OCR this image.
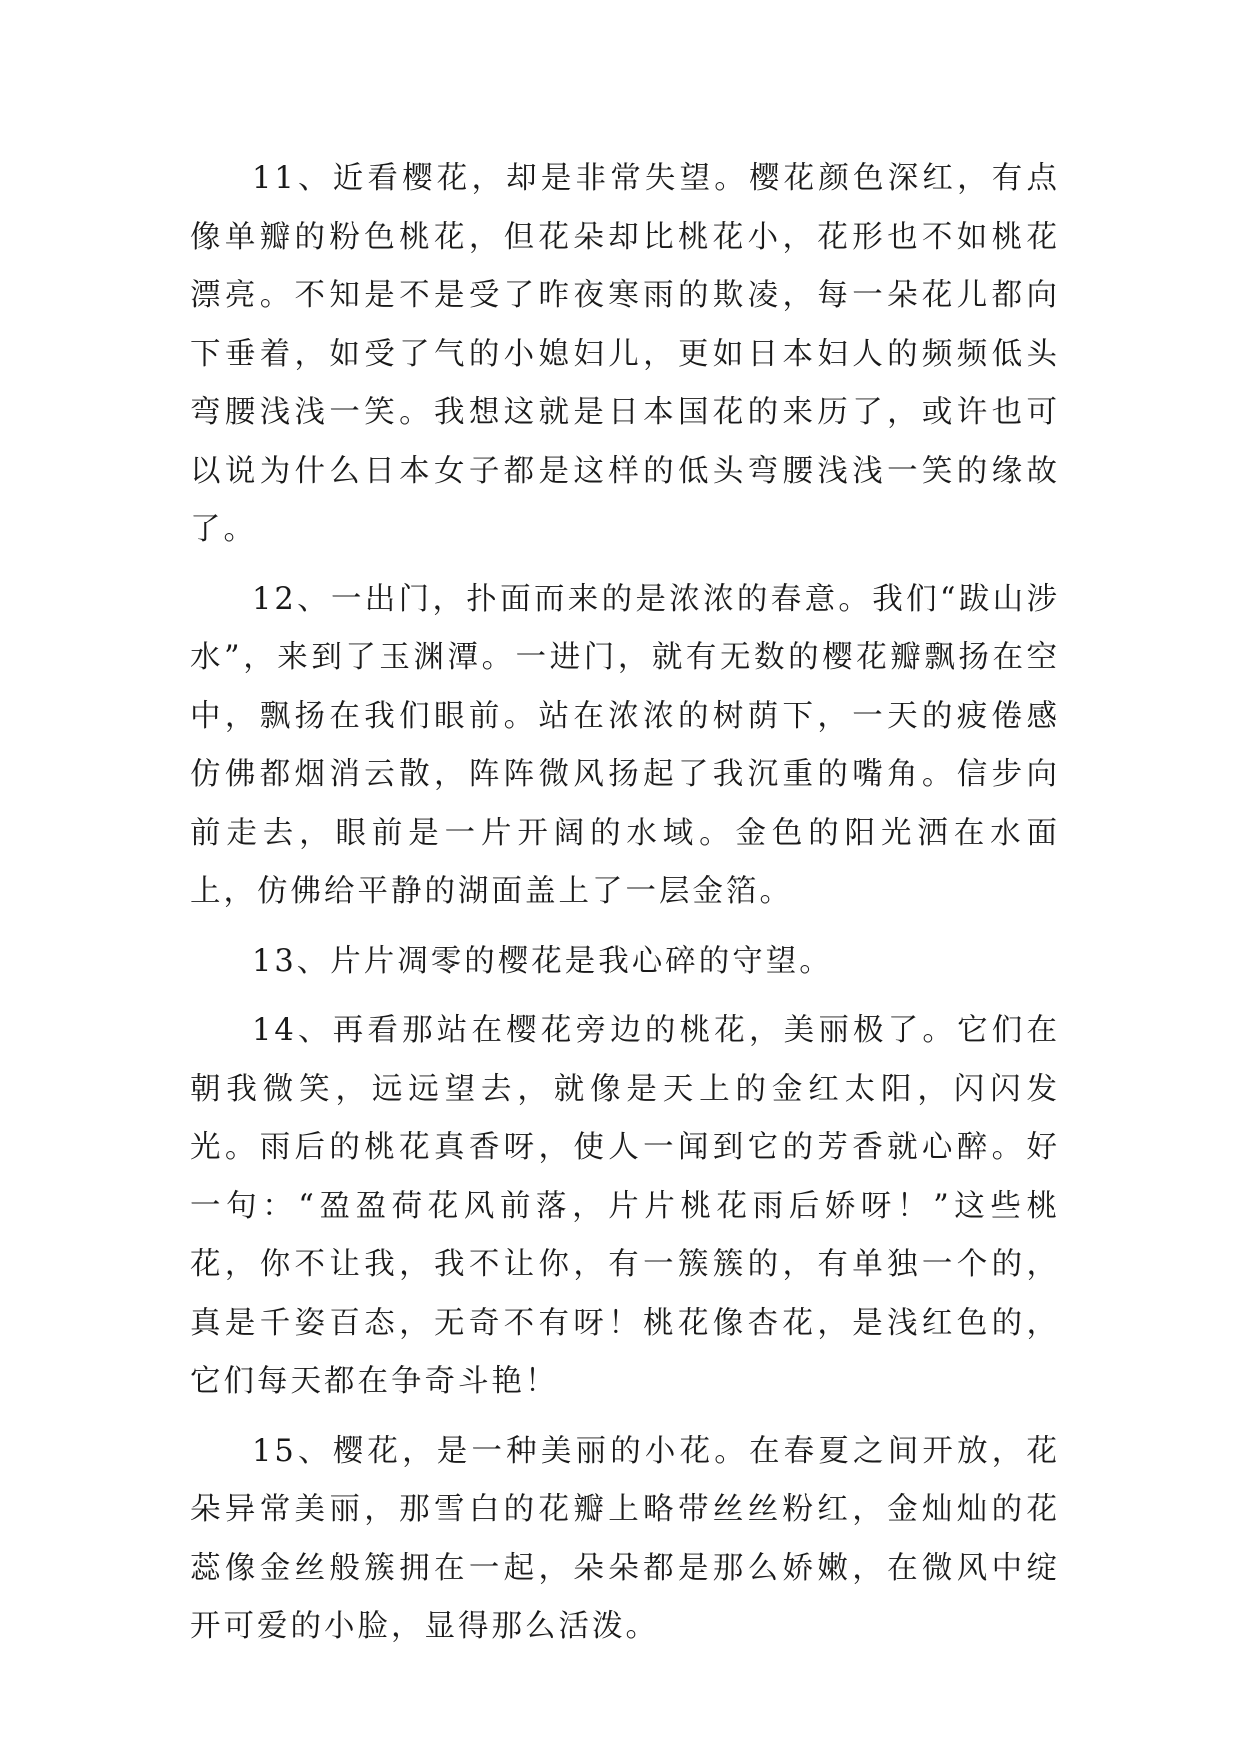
11、近看樱花，却是非常失望。樱花颜色深红，有点像单瓣的粉色桃花，但花朵却比桃花小，花形也不如桃花漂亮。不知是不是受了昨夜寒雨的欺凌，每一朵花儿都向下垂着，如受了气的小媳妇儿，更如日本妇人的频频低头弯腰浅浅一笑。我想这就是日本国花的来历了，或许也可以说为什么日本女子都是这样的低头弯腰浅浅一笑的缘故了。

12、一出门，扑面而来的是浓浓的春意。我们“跋山涉水”，来到了玉渊潭。一进门，就有无数的樱花瓣飘扬在空中，飘扬在我们眼前。站在浓浓的树荫下，一天的疲倦感仿佛都烟消云散，阵阵微风扬起了我沉重的嘴角。信步向前走去，眼前是一片开阔的水域。金色的阳光洒在水面上，仿佛给平静的湖面盖上了一层金箔。

13、片片凋零的樱花是我心碎的守望。

14、再看那站在樱花旁边的桃花，美丽极了。它们在朝我微笑，远远望去，就像是天上的金红太阳，闪闪发光。雨后的桃花真香呀，使人一闻到它的芳香就心醉。好一句：“盈盈荷花风前落，片片桃花雨后娇呀！”这些桃花，你不让我，我不让你，有一簇簇的，有单独一个的，真是千姿百态，无奇不有呀！桃花像杏花，是浅红色的，它们每天都在争奇斗艳！

15、樱花，是一种美丽的小花。在春夏之间开放，花朵异常美丽，那雪白的花瓣上略带丝丝粉红，金灿灿的花蕊像金丝般簇拥在一起，朵朵都是那么娇嫩，在微风中绽开可爱的小脸，显得那么活泼。
